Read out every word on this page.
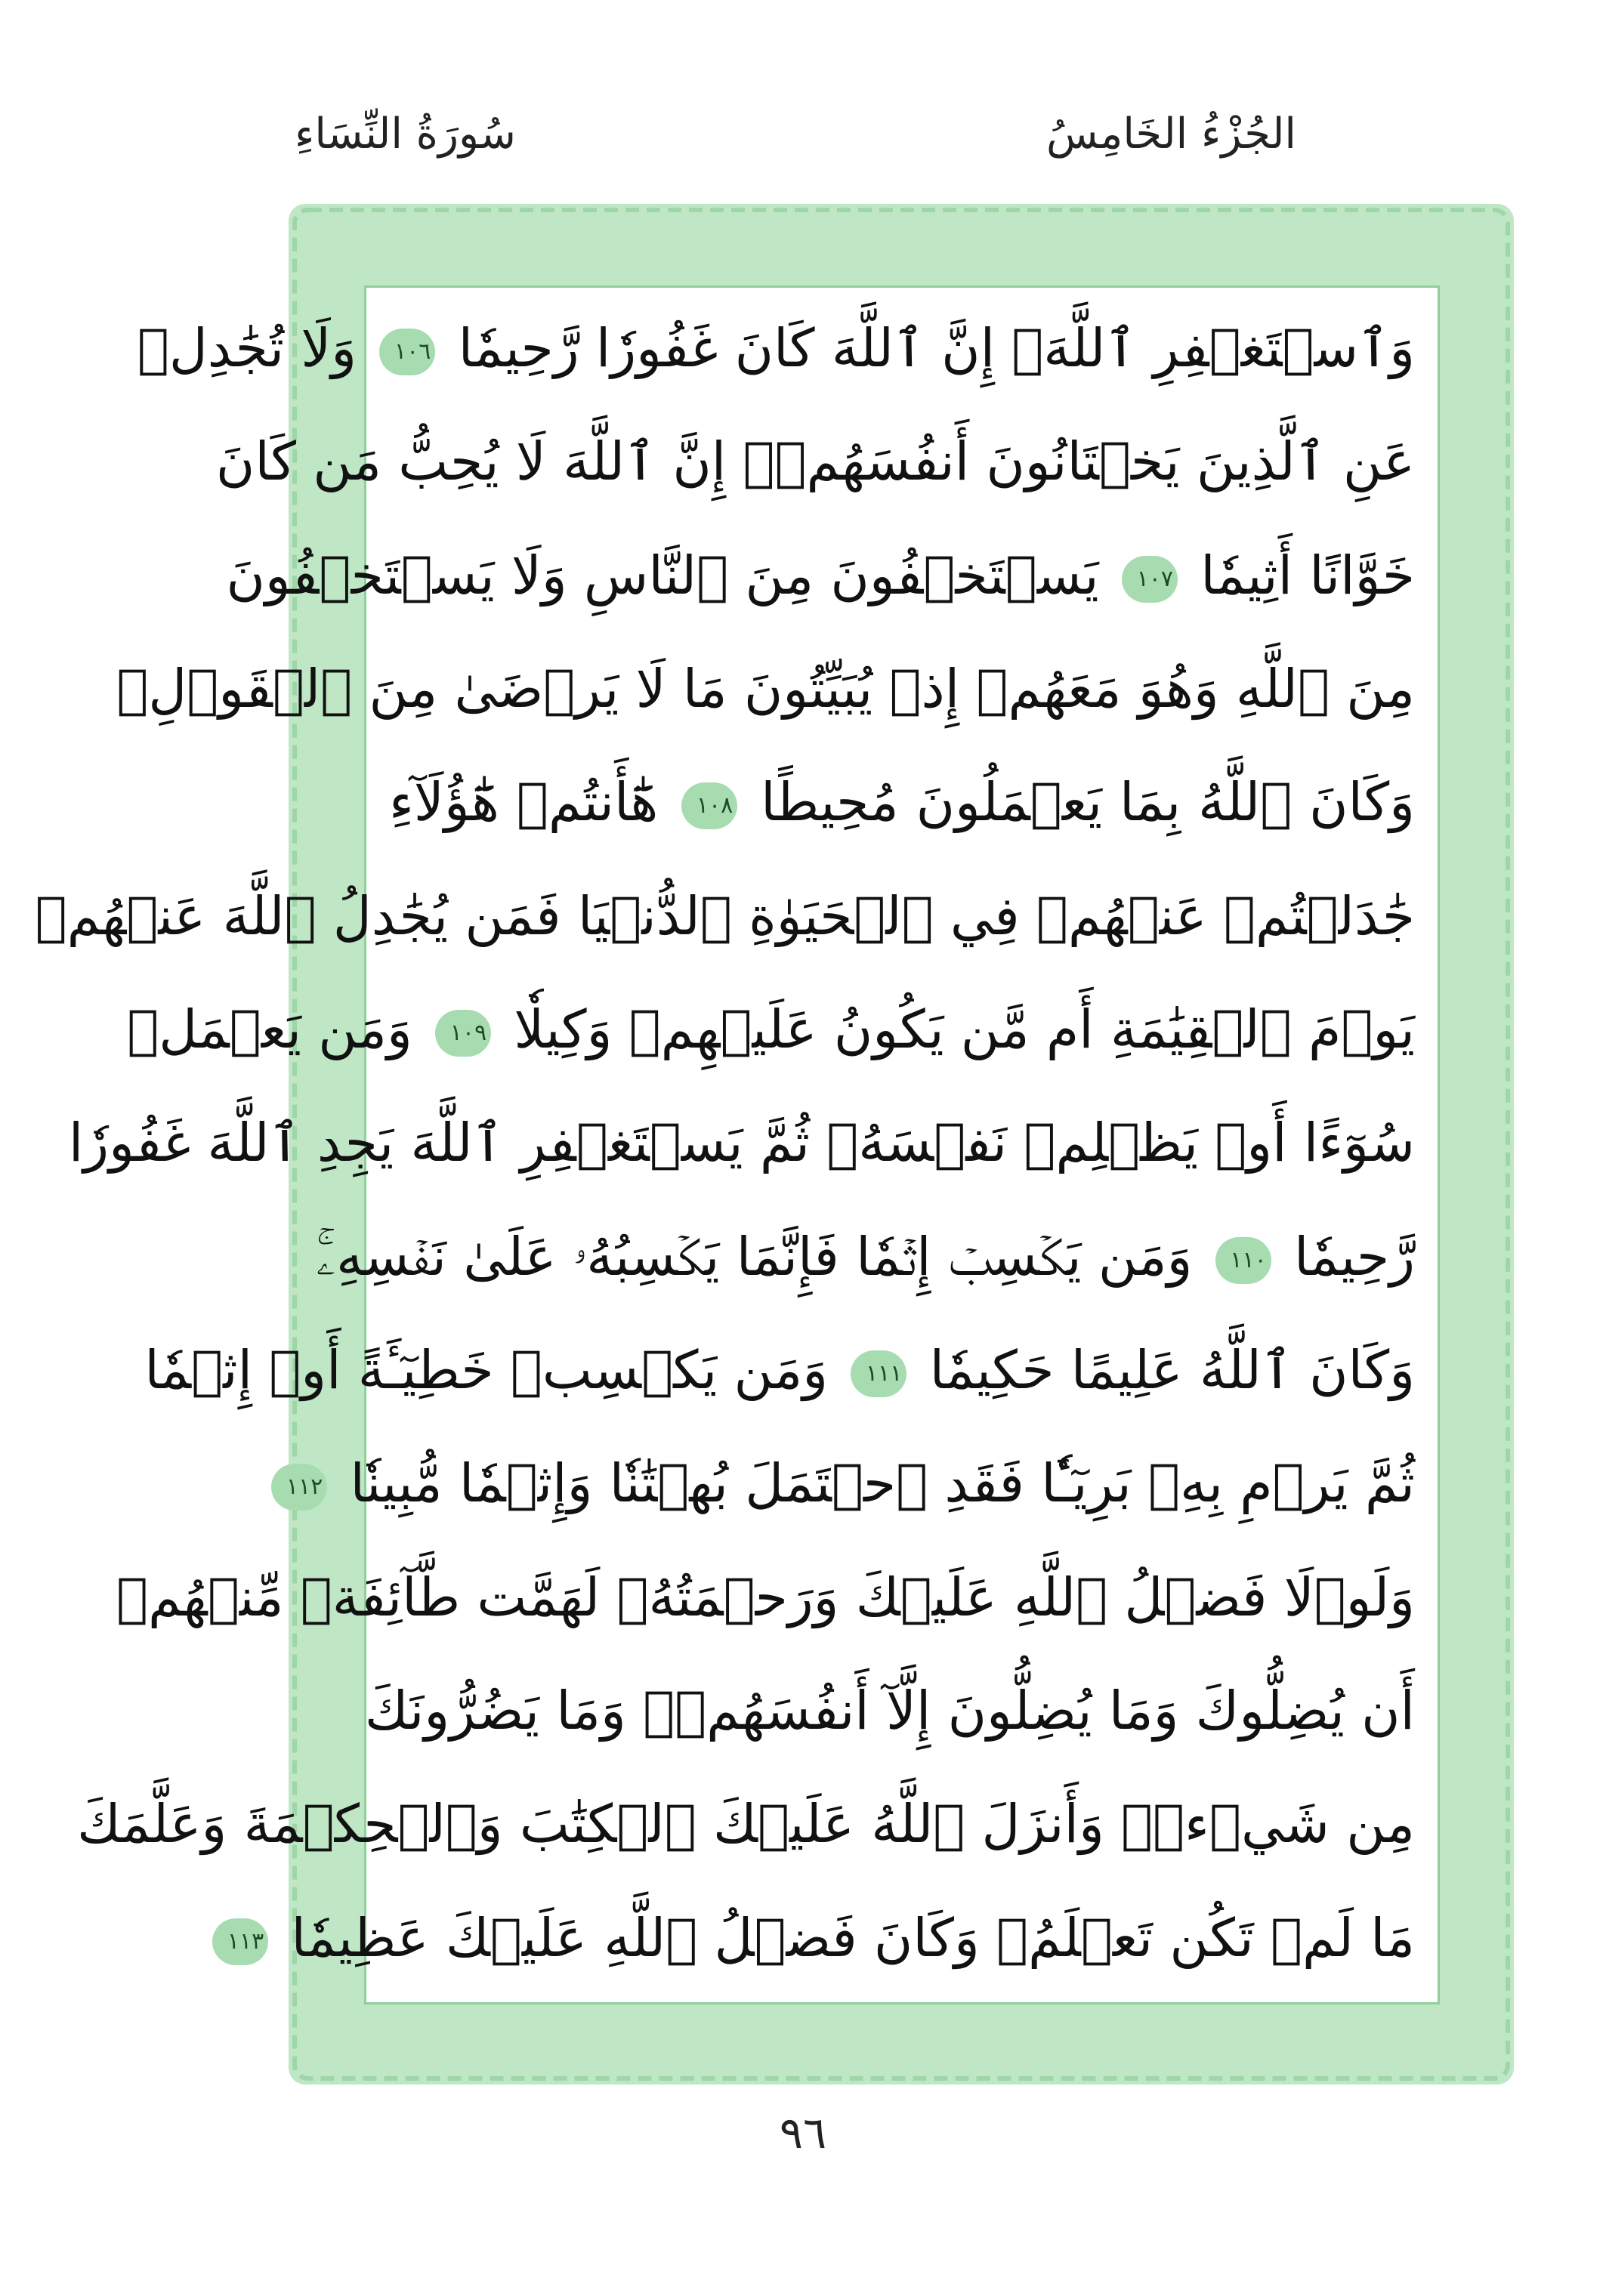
سُورَةُ النِّسَاءِ	الجُزْءُ الخَامِسُ
وَٱسۡتَغۡفِرِ ٱللَّهَۖ إِنَّ ٱللَّهَ كَانَ غَفُورٗا رَّحِيمٗا ١٠٦ وَلَا تُجَٰدِلۡ
عَنِ ٱلَّذِينَ يَخۡتَانُونَ أَنفُسَهُمۡۚ إِنَّ ٱللَّهَ لَا يُحِبُّ مَن كَانَ
خَوَّانًا أَثِيمٗا ١٠٧ يَسۡتَخۡفُونَ مِنَ ٱلنَّاسِ وَلَا يَسۡتَخۡفُونَ
مِنَ ٱللَّهِ وَهُوَ مَعَهُمۡ إِذۡ يُبَيِّتُونَ مَا لَا يَرۡضَىٰ مِنَ ٱلۡقَوۡلِۚ
وَكَانَ ٱللَّهُ بِمَا يَعۡمَلُونَ مُحِيطًا ١٠٨ هَٰٓأَنتُمۡ هَٰٓؤُلَآءِ
جَٰدَلۡتُمۡ عَنۡهُمۡ فِي ٱلۡحَيَوٰةِ ٱلدُّنۡيَا فَمَن يُجَٰدِلُ ٱللَّهَ عَنۡهُمۡ
يَوۡمَ ٱلۡقِيَٰمَةِ أَم مَّن يَكُونُ عَلَيۡهِمۡ وَكِيلٗا ١٠٩ وَمَن يَعۡمَلۡ
سُوٓءًا أَوۡ يَظۡلِمۡ نَفۡسَهُۥ ثُمَّ يَسۡتَغۡفِرِ ٱللَّهَ يَجِدِ ٱللَّهَ غَفُورٗا
رَّحِيمٗا ١١٠ وَمَن يَكۡسِبۡ إِثۡمٗا فَإِنَّمَا يَكۡسِبُهُۥ عَلَىٰ نَفۡسِهِۦۚ
وَكَانَ ٱللَّهُ عَلِيمًا حَكِيمٗا ١١١ وَمَن يَكۡسِبۡ خَطِيٓـَٔةً أَوۡ إِثۡمٗا
ثُمَّ يَرۡمِ بِهِۦ بَرِيٓـٔٗا فَقَدِ ٱحۡتَمَلَ بُهۡتَٰنٗا وَإِثۡمٗا مُّبِينٗا ١١٢
وَلَوۡلَا فَضۡلُ ٱللَّهِ عَلَيۡكَ وَرَحۡمَتُهُۥ لَهَمَّت طَّآئِفَةٞ مِّنۡهُمۡ
أَن يُضِلُّوكَ وَمَا يُضِلُّونَ إِلَّآ أَنفُسَهُمۡۖ وَمَا يَضُرُّونَكَ
مِن شَيۡءٖۚ وَأَنزَلَ ٱللَّهُ عَلَيۡكَ ٱلۡكِتَٰبَ وَٱلۡحِكۡمَةَ وَعَلَّمَكَ
مَا لَمۡ تَكُن تَعۡلَمُۚ وَكَانَ فَضۡلُ ٱللَّهِ عَلَيۡكَ عَظِيمٗا ١١٣
٩٦
